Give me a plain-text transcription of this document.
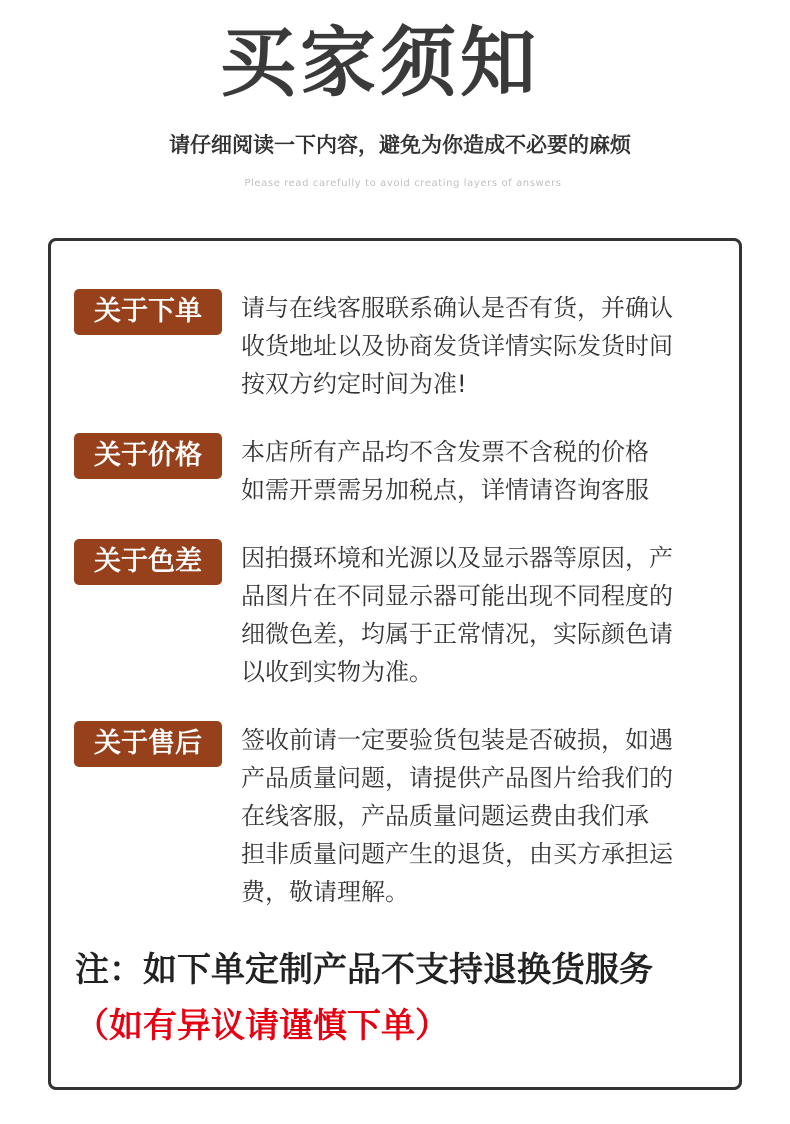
买家须知
请仔细阅读一下内容，避免为你造成不必要的麻烦
Please read carefully to avoid creating layers of answers
关于下单	请与在线客服联系确认是否有货，并确认
收货地址以及协商发货详情实际发货时间
按双方约定时间为准!
关于价格	本店所有产品均不含发票不含税的价格
如需开票需另加税点，详情请咨询客服
关于色差	因拍摄环境和光源以及显示器等原因，产
品图片在不同显示器可能出现不同程度的
细微色差，均属于正常情况，实际颜色请
以收到实物为准。
关于售后	签收前请一定要验货包装是否破损，如遇
产品质量问题，请提供产品图片给我们的
在线客服，产品质量问题运费由我们承
担非质量问题产生的退货，由买方承担运
费，敬请理解。
注：如下单定制产品不支持退换货服务
（如有异议请谨慎下单）
